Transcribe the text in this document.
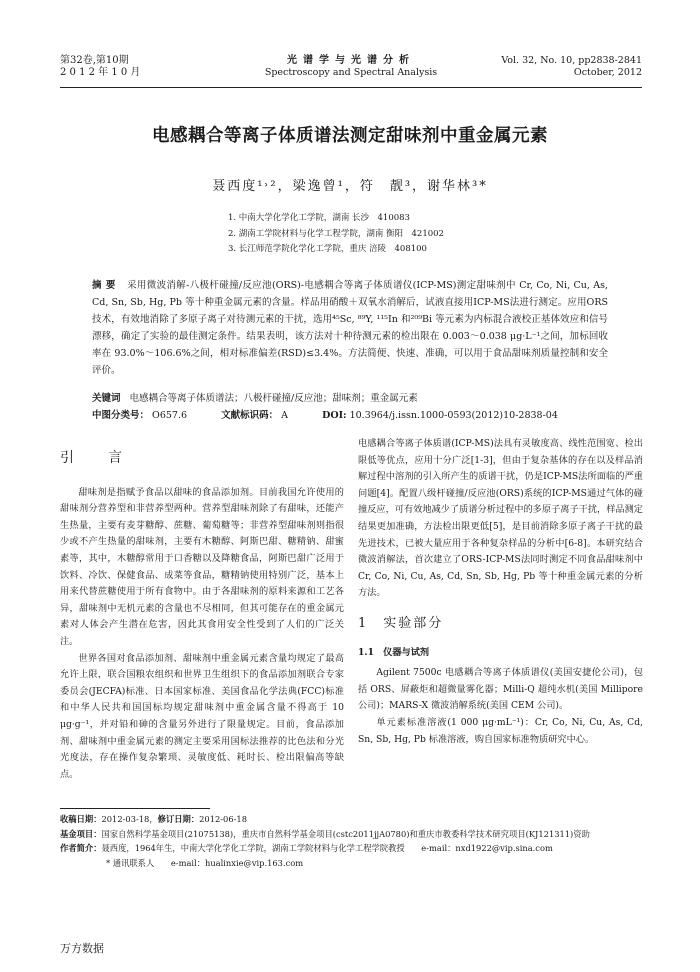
第32卷,第10期
2 0 1 2 年 1 0 月
光谱学与光谱分析
Spectroscopy and Spectral Analysis
Vol. 32, No. 10, pp2838-2841
October, 2012
电感耦合等离子体质谱法测定甜味剂中重金属元素
聂西度¹˒²，梁逸曾¹，符　靓³，谢华林³*
1. 中南大学化学化工学院，湖南 长沙　410083
2. 湖南工学院材料与化学工程学院，湖南 衡阳　421002
3. 长江师范学院化学化工学院，重庆 涪陵　408100
摘要 采用微波消解-八极杆碰撞/反应池(ORS)-电感耦合等离子体质谱仪(ICP-MS)测定甜味剂中 Cr, Co, Ni, Cu, As, Cd, Sn, Sb, Hg, Pb 等十种重金属元素的含量。样品用硝酸＋双氧水消解后，试液直接用ICP-MS法进行测定。应用ORS技术，有效地消除了多原子离子对待测元素的干扰，选用⁴⁵Sc, ⁸⁹Y, ¹¹⁵In 和²⁰⁹Bi 等元素为内标混合液校正基体效应和信号漂移，确定了实验的最佳测定条件。结果表明，该方法对十种待测元素的检出限在 0.003～0.038 μg·L⁻¹之间，加标回收率在 93.0%～106.6%之间，相对标准偏差(RSD)≤3.4%。方法简便、快速、准确，可以用于食品甜味剂质量控制和安全评价。
关键词 电感耦合等离子体质谱法；八极杆碰撞/反应池；甜味剂；重金属元素
中图分类号： O657.6	文献标识码： A	DOI: 10.3964/j.issn.1000-0593(2012)10-2838-04
引　言

甜味剂是指赋予食品以甜味的食品添加剂。目前我国允许使用的甜味剂分营养型和非营养型两种。营养型甜味剂除了有甜味，还能产生热量，主要有麦芽糖醇、蔗糖、葡萄糖等；非营养型甜味剂则指很少或不产生热量的甜味剂，主要有木糖醇、阿斯巴甜、糖精钠、甜蜜素等，其中，木糖醇常用于口香糖以及降糖食品，阿斯巴甜广泛用于饮料、冷饮、保健食品、成菜等食品，糖精钠使用特别广泛，基本上用来代替蔗糖使用于所有食物中。由于各甜味剂的原料来源和工艺各异，甜味剂中无机元素的含量也不尽相同，但其可能存在的重金属元素对人体会产生潜在危害，因此其食用安全性受到了人们的广泛关注。

世界各国对食品添加剂、甜味剂中重金属元素含量均规定了最高允许上限，联合国粮农组织和世界卫生组织下的食品添加剂联合专家委员会(JECFA)标准、日本国家标准、美国食品化学法典(FCC)标准和中华人民共和国国标均规定甜味剂中重金属含量不得高于 10 μg·g⁻¹，并对铅和砷的含量另外进行了限量规定。目前，食品添加剂、甜味剂中重金属元素的测定主要采用国标法推荐的比色法和分光光度法，存在操作复杂繁琐、灵敏度低、耗时长、检出限偏高等缺点。

电感耦合等离子体质谱(ICP-MS)法具有灵敏度高、线性范围宽、检出限低等优点，应用十分广泛[1-3]，但由于复杂基体的存在以及样品消解过程中溶剂的引入所产生的质谱干扰，仍是ICP-MS法所面临的严重问题[4]。配置八级杆碰撞/反应池(ORS)系统的ICP-MS通过气体的碰撞反应，可有效地减少了质谱分析过程中的多原子离子干扰，样品测定结果更加准确，方法检出限更低[5]，是目前消除多原子离子干扰的最先进技术，已被大量应用于各种复杂样品的分析中[6-8]。本研究结合微波消解法，首次建立了ORS-ICP-MS法同时测定不同食品甜味剂中 Cr, Co, Ni, Cu, As, Cd, Sn, Sb, Hg, Pb 等十种重金属元素的分析方法。

1　实验部分
1.1　仪器与试剂

Agilent 7500c 电感耦合等离子体质谱仪(美国安捷伦公司)，包括 ORS、屏蔽炬和超微量雾化器；Milli-Q 超纯水机(美国 Millipore 公司)；MARS-X 微波消解系统(美国 CEM 公司)。

单元素标准溶液(1 000 μg·mL⁻¹)：Cr, Co, Ni, Cu, As, Cd, Sn, Sb, Hg, Pb 标准溶液，购自国家标准物质研究中心。

收稿日期：2012-03-18，修订日期：2012-06-18
基金项目：国家自然科学基金项目(21075138)，重庆市自然科学基金项目(cstc2011jjA0780)和重庆市教委科学技术研究项目(KJ121311)资助
作者简介：聂西度，1964年生，中南大学化学化工学院，湖南工学院材料与化学工程学院教授　　e-mail：nxd1922@vip.sina.com
* 通讯联系人　　e-mail：hualinxie@vip.163.com
万方数据
